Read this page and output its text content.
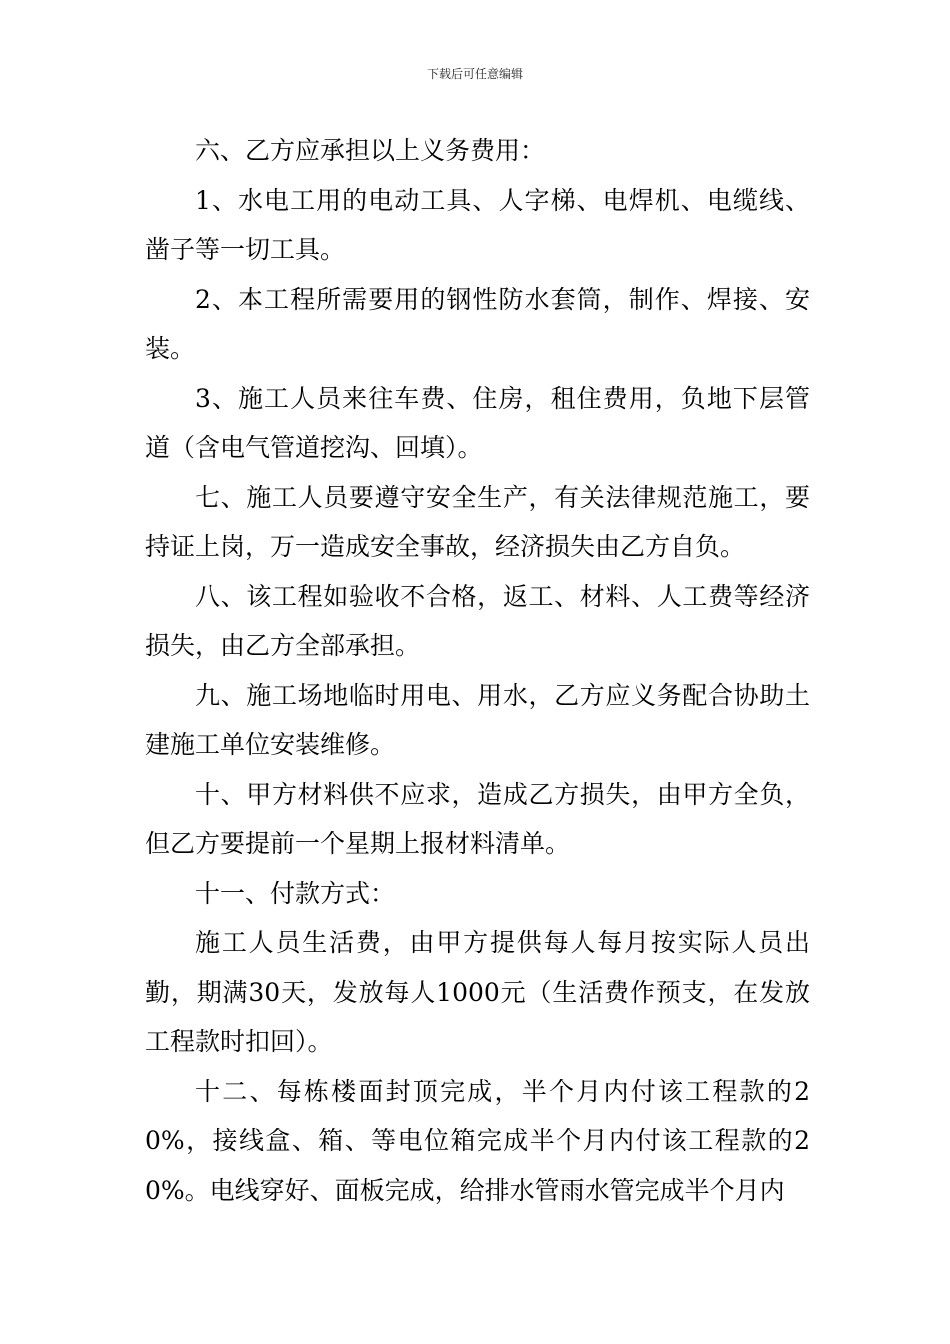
下载后可任意编辑

六、乙方应承担以上义务费用：

1、水电工用的电动工具、人字梯、电焊机、电缆线、凿子等一切工具。

2、本工程所需要用的钢性防水套筒，制作、焊接、安装。

3、施工人员来往车费、住房，租住费用，负地下层管道（含电气管道挖沟、回填）。

七、施工人员要遵守安全生产，有关法律规范施工，要持证上岗，万一造成安全事故，经济损失由乙方自负。

八、该工程如验收不合格，返工、材料、人工费等经济损失，由乙方全部承担。

九、施工场地临时用电、用水，乙方应义务配合协助土建施工单位安装维修。

十、甲方材料供不应求，造成乙方损失，由甲方全负，但乙方要提前一个星期上报材料清单。

十一、付款方式：

施工人员生活费，由甲方提供每人每月按实际人员出勤，期满30天，发放每人1000元（生活费作预支，在发放工程款时扣回）。

十二、每栋楼面封顶完成，半个月内付该工程款的20%，接线盒、箱、等电位箱完成半个月内付该工程款的20%。电线穿好、面板完成，给排水管雨水管完成半个月内
